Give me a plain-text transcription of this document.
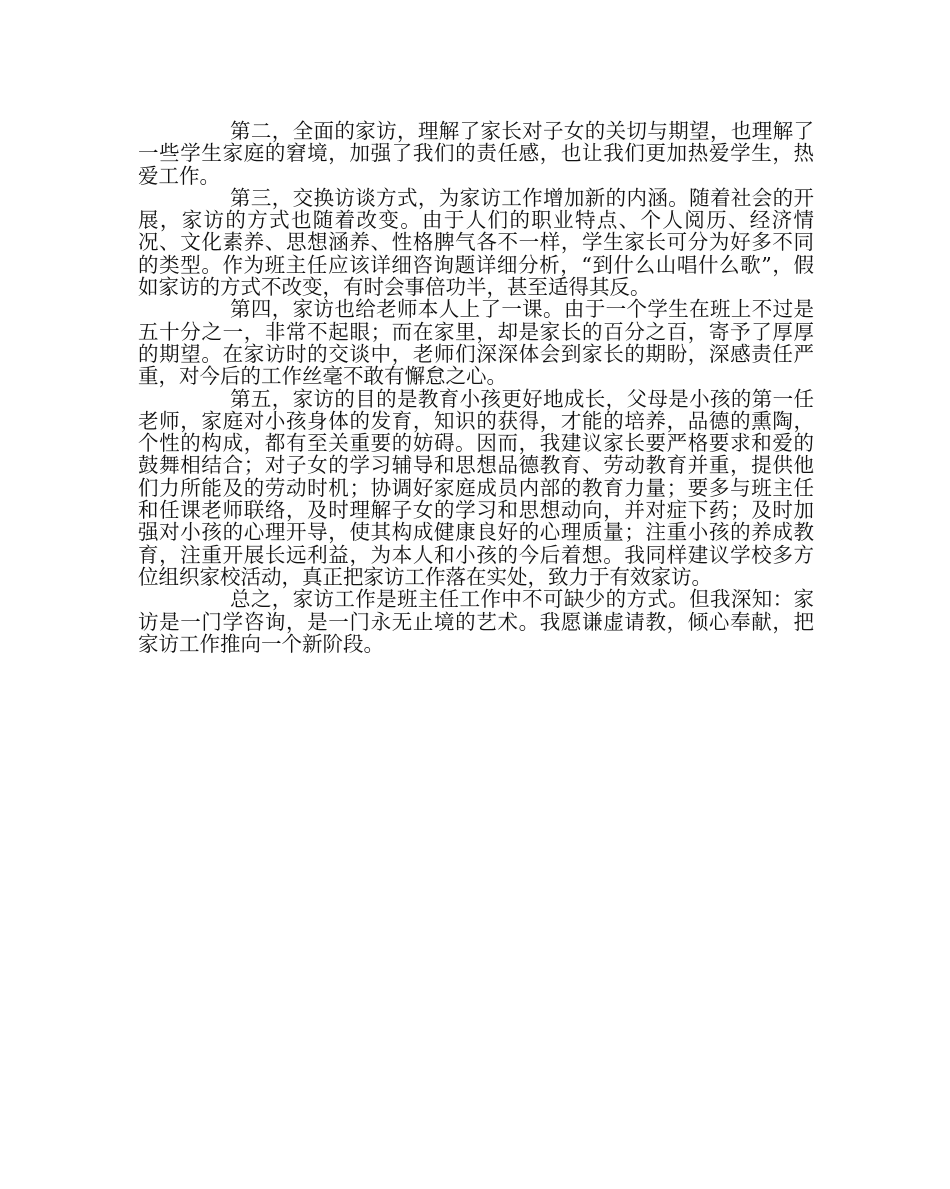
第二，全面的家访，理解了家长对子女的关切与期望，也理解了一些学生家庭的窘境，加强了我们的责任感，也让我们更加热爱学生，热爱工作。

第三，交换访谈方式，为家访工作增加新的内涵。随着社会的开展，家访的方式也随着改变。由于人们的职业特点、个人阅历、经济情况、文化素养、思想涵养、性格脾气各不一样，学生家长可分为好多不同的类型。作为班主任应该详细咨询题详细分析，“到什么山唱什么歌”，假如家访的方式不改变，有时会事倍功半，甚至适得其反。

第四，家访也给老师本人上了一课。由于一个学生在班上不过是五十分之一，非常不起眼；而在家里，却是家长的百分之百，寄予了厚厚的期望。在家访时的交谈中，老师们深深体会到家长的期盼，深感责任严重，对今后的工作丝毫不敢有懈怠之心。

第五，家访的目的是教育小孩更好地成长，父母是小孩的第一任老师，家庭对小孩身体的发育，知识的获得，才能的培养，品德的熏陶，个性的构成，都有至关重要的妨碍。因而，我建议家长要严格要求和爱的鼓舞相结合；对子女的学习辅导和思想品德教育、劳动教育并重，提供他们力所能及的劳动时机；协调好家庭成员内部的教育力量；要多与班主任和任课老师联络，及时理解子女的学习和思想动向，并对症下药；及时加强对小孩的心理开导，使其构成健康良好的心理质量；注重小孩的养成教育，注重开展长远利益，为本人和小孩的今后着想。我同样建议学校多方位组织家校活动，真正把家访工作落在实处，致力于有效家访。

总之，家访工作是班主任工作中不可缺少的方式。但我深知：家访是一门学咨询，是一门永无止境的艺术。我愿谦虚请教，倾心奉献，把家访工作推向一个新阶段。
